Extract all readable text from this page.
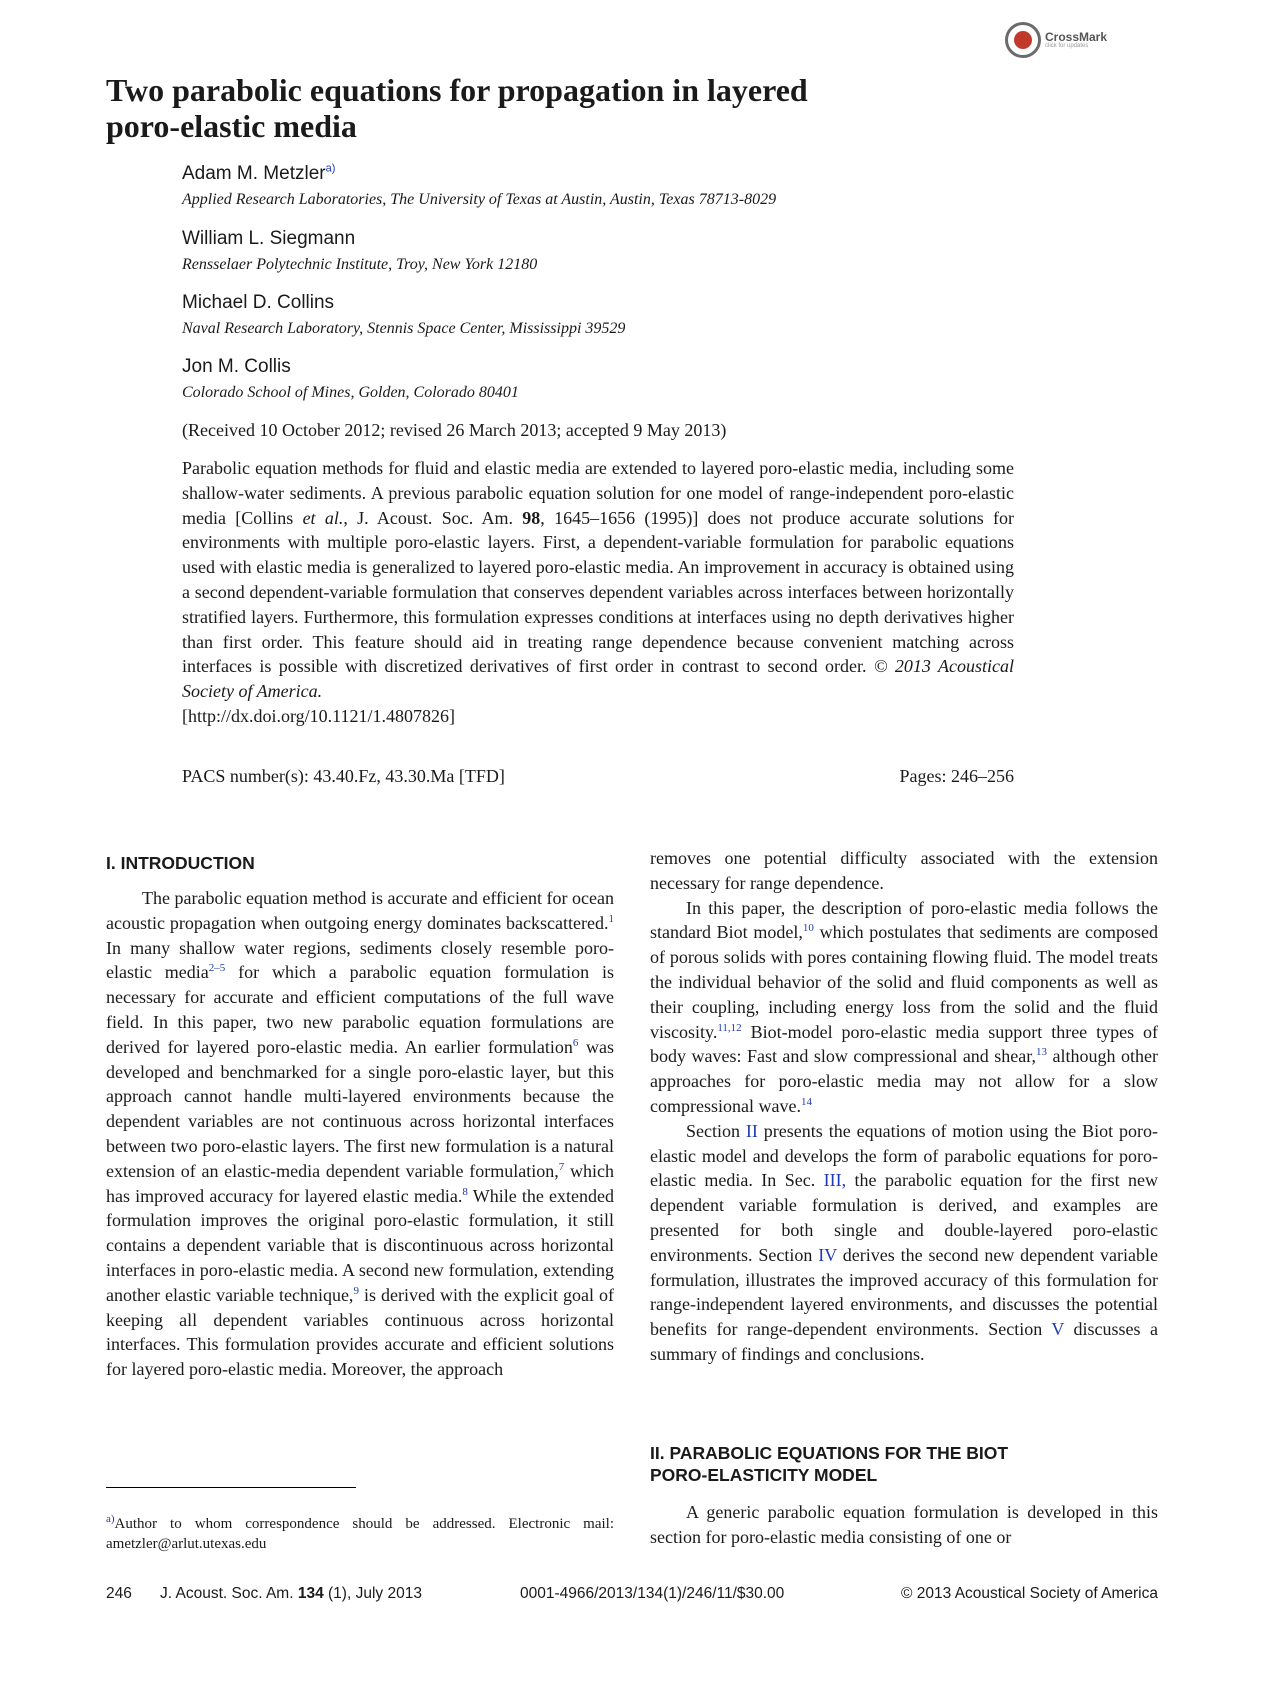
CrossMark
click for updates
Two parabolic equations for propagation in layered
poro-elastic media
Adam M. Metzler$^{a)}$
Applied Research Laboratories, The University of Texas at Austin, Austin, Texas 78713-8029
William L. Siegmann
Rensselaer Polytechnic Institute, Troy, New York 12180
Michael D. Collins
Naval Research Laboratory, Stennis Space Center, Mississippi 39529
Jon M. Collis
Colorado School of Mines, Golden, Colorado 80401
(Received 10 October 2012; revised 26 March 2013; accepted 9 May 2013)
Parabolic equation methods for fluid and elastic media are extended to layered poro-elastic media, including some shallow-water sediments. A previous parabolic equation solution for one model of range-independent poro-elastic media [Collins et al., J. Acoust. Soc. Am. 98, 1645–1656 (1995)] does not produce accurate solutions for environments with multiple poro-elastic layers. First, a dependent-variable formulation for parabolic equations used with elastic media is generalized to layered poro-elastic media. An improvement in accuracy is obtained using a second dependent-variable formulation that conserves dependent variables across interfaces between horizontally stratified layers. Furthermore, this formulation expresses conditions at interfaces using no depth derivatives higher than first order. This feature should aid in treating range dependence because convenient matching across interfaces is possible with discretized derivatives of first order in contrast to second order. © 2013 Acoustical Society of America.
[http://dx.doi.org/10.1121/1.4807826]
PACS number(s): 43.40.Fz, 43.30.Ma [TFD]	Pages: 246–256
I. INTRODUCTION

The parabolic equation method is accurate and efficient for ocean acoustic propagation when outgoing energy dominates backscattered.$^1$ In many shallow water regions, sediments closely resemble poro-elastic media$^{2-5}$ for which a parabolic equation formulation is necessary for accurate and efficient computations of the full wave field. In this paper, two new parabolic equation formulations are derived for layered poro-elastic media. An earlier formulation$^6$ was developed and benchmarked for a single poro-elastic layer, but this approach cannot handle multi-layered environments because the dependent variables are not continuous across horizontal interfaces between two poro-elastic layers. The first new formulation is a natural extension of an elastic-media dependent variable formulation,$^7$ which has improved accuracy for layered elastic media.$^8$ While the extended formulation improves the original poro-elastic formulation, it still contains a dependent variable that is discontinuous across horizontal interfaces in poro-elastic media. A second new formulation, extending another elastic variable technique,$^9$ is derived with the explicit goal of keeping all dependent variables continuous across horizontal interfaces. This formulation provides accurate and efficient solutions for layered poro-elastic media. Moreover, the approach

removes one potential difficulty associated with the extension necessary for range dependence.

In this paper, the description of poro-elastic media follows the standard Biot model,$^{10}$ which postulates that sediments are composed of porous solids with pores containing flowing fluid. The model treats the individual behavior of the solid and fluid components as well as their coupling, including energy loss from the solid and the fluid viscosity.$^{11,12}$ Biot-model poro-elastic media support three types of body waves: Fast and slow compressional and shear,$^{13}$ although other approaches for poro-elastic media may not allow for a slow compressional wave.$^{14}$

Section II presents the equations of motion using the Biot poro-elastic model and develops the form of parabolic equations for poro-elastic media. In Sec. III, the parabolic equation for the first new dependent variable formulation is derived, and examples are presented for both single and double-layered poro-elastic environments. Section IV derives the second new dependent variable formulation, illustrates the improved accuracy of this formulation for range-independent layered environments, and discusses the potential benefits for range-dependent environments. Section V discusses a summary of findings and conclusions.

II. PARABOLIC EQUATIONS FOR THE BIOT
PORO-ELASTICITY MODEL

A generic parabolic equation formulation is developed in this section for poro-elastic media consisting of one or

$^{a)}$Author to whom correspondence should be addressed. Electronic mail: ametzler@arlut.utexas.edu
246 J. Acoust. Soc. Am. 134 (1), July 2013	0001-4966/2013/134(1)/246/11/$30.00	© 2013 Acoustical Society of America
